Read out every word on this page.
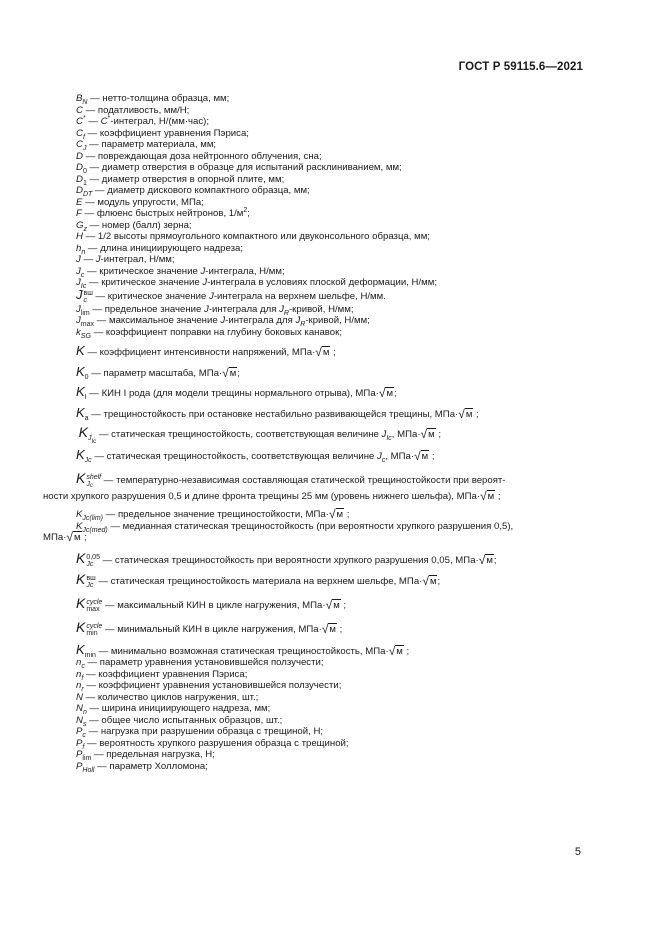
ГОСТ Р 59115.6—2021
$B_N$ — нетто-толщина образца, мм;
C — податливость, мм/Н;
C* — C*-интеграл, Н/(мм·час);
$C_f$ — коэффициент уравнения Пэриса;
$C_J$ — параметр материала, мм;
D — повреждающая доза нейтронного облучения, сна;
$D_0$ — диаметр отверстия в образце для испытаний расклиниванием, мм;
$D_1$ — диаметр отверстия в опорной плите, мм;
$D_{DT}$ — диаметр дискового компактного образца, мм;
E — модуль упругости, МПа;
F — флюенс быстрых нейтронов, $1/м^2$;
$G_z$ — номер (балл) зерна;
H — 1/2 высоты прямоугольного компактного или двуконсольного образца, мм;
$h_n$ — длина инициирующего надреза;
J — J-интеграл, Н/мм;
$J_c$ — критическое значение J-интеграла, Н/мм;
$J_{Ic}$ — критическое значение J-интеграла в условиях плоской деформации, Н/мм;
J вш
c — критическое значение J-интеграла на верхнем шельфе, Н/мм.
$J_{lim}$ — предельное значение J-интеграла для $J_R$-кривой, Н/мм;
$J_{max}$ — максимальное значение J-интеграла для $J_R$-кривой, Н/мм;
$k_{SG}$ — коэффициент поправки на глубину боковых канавок;
K — коэффициент интенсивности напряжений, МПа·√м ;
$K_0$ — параметр масштаба, МПа·√м;
$K_I$ — КИН I рода (для модели трещины нормального отрыва), МПа·√м;
$K_a$ — трещиностойкость при остановке нестабильно развивающейся трещины, МПа·√м ;
$K_{J_{Ic}}$ — статическая трещиностойкость, соответствующая величине $J_{Ic}$, МПа·√м ;
$K_{Jc}$ — статическая трещиностойкость, соответствующая величине $J_c$, МПа·√м ;
K shelf
$J_c$ — температурно-независимая составляющая статической трещиностойкости при вероят-
ности хрупкого разрушения 0,5 и длине фронта трещины 25 мм (уровень нижнего шельфа), МПа·√м ;
$K_{Jc(lim)}$ — предельное значение трещиностойкости, МПа·√м ;
$K_{Jc(med)}$ — медианная статическая трещиностойкость (при вероятности хрупкого разрушения 0,5),
МПа·√м ;
K 0,05
Jc — статическая трещиностойкость при вероятности хрупкого разрушения 0,05, МПа·√м;
K вш
Jc — статическая трещиностойкость материала на верхнем шельфе, МПа·√м;
K cycle
max — максимальный КИН в цикле нагружения, МПа·√м ;
K cycle
min — минимальный КИН в цикле нагружения, МПа·√м ;
$K_{min}$ — минимально возможная статическая трещиностойкость, МПа·√м ;
$n_c$ — параметр уравнения установившейся ползучести;
$n_f$ — коэффициент уравнения Пэриса;
$n_r$ — коэффициент уравнения установившейся ползучести;
N — количество циклов нагружения, шт.;
$N_n$ — ширина инициирующего надреза, мм;
$N_s$ — общее число испытанных образцов, шт.;
$P_c$ — нагрузка при разрушении образца с трещиной, Н;
$P_f$ — вероятность хрупкого разрушения образца с трещиной;
$P_{lim}$ — предельная нагрузка, Н;
$P_{Holl}$ — параметр Холломона;
5
